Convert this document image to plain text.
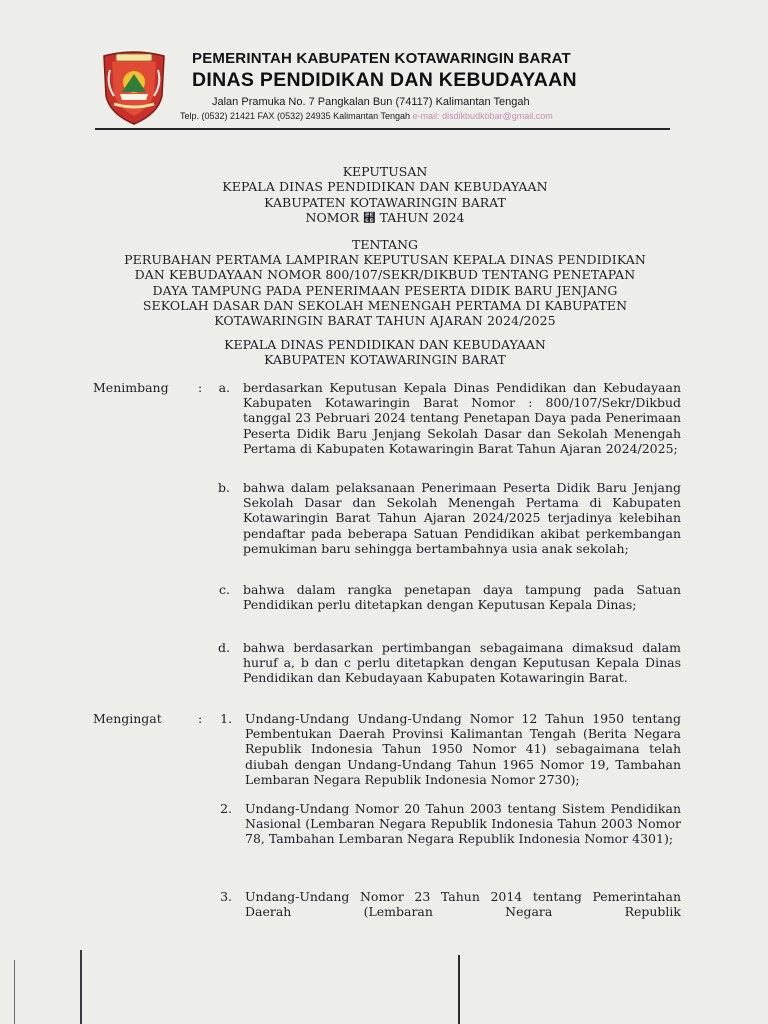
PEMERINTAH KABUPATEN KOTAWARINGIN BARAT
DINAS PENDIDIKAN DAN KEBUDAYAAN
Jalan Pramuka No. 7 Pangkalan Bun (74117) Kalimantan Tengah
Telp. (0532) 21421 FAX (0532) 24935 Kalimantan Tengah e-mail: disdikbudkobar@gmail.com
KEPUTUSAN
KEPALA DINAS PENDIDIKAN DAN KEBUDAYAAN
KABUPATEN KOTAWARINGIN BARAT
NOMOR ⹫ TAHUN 2024
TENTANG
PERUBAHAN PERTAMA LAMPIRAN KEPUTUSAN KEPALA DINAS PENDIDIKAN
DAN KEBUDAYAAN NOMOR 800/107/SEKR/DIKBUD TENTANG PENETAPAN
DAYA TAMPUNG PADA PENERIMAAN PESERTA DIDIK BARU JENJANG
SEKOLAH DASAR DAN SEKOLAH MENENGAH PERTAMA DI KABUPATEN
KOTAWARINGIN BARAT TAHUN AJARAN 2024/2025
KEPALA DINAS PENDIDIKAN DAN KEBUDAYAAN
KABUPATEN KOTAWARINGIN BARAT
Menimbang :	a. berdasarkan Keputusan Kepala Dinas Pendidikan dan Kebudayaan Kabupaten Kotawaringin Barat Nomor : 800/107/Sekr/Dikbud tanggal 23 Pebruari 2024 tentang Penetapan Daya pada Penerimaan Peserta Didik Baru Jenjang Sekolah Dasar dan Sekolah Menengah Pertama di Kabupaten Kotawaringin Barat Tahun Ajaran 2024/2025;
b. bahwa dalam pelaksanaan Penerimaan Peserta Didik Baru Jenjang Sekolah Dasar dan Sekolah Menengah Pertama di Kabupaten Kotawaringin Barat Tahun Ajaran 2024/2025 terjadinya kelebihan pendaftar pada beberapa Satuan Pendidikan akibat perkembangan pemukiman baru sehingga bertambahnya usia anak sekolah;
c. bahwa dalam rangka penetapan daya tampung pada Satuan Pendidikan perlu ditetapkan dengan Keputusan Kepala Dinas;
d. bahwa berdasarkan pertimbangan sebagaimana dimaksud dalam huruf a, b dan c perlu ditetapkan dengan Keputusan Kepala Dinas Pendidikan dan Kebudayaan Kabupaten Kotawaringin Barat.
Mengingat	:	1. Undang-Undang Undang-Undang Nomor 12 Tahun 1950 tentang Pembentukan Daerah Provinsi Kalimantan Tengah (Berita Negara Republik Indonesia Tahun 1950 Nomor 41) sebagaimana telah diubah dengan Undang-Undang Tahun 1965 Nomor 19, Tambahan Lembaran Negara Republik Indonesia Nomor 2730);
2. Undang-Undang Nomor 20 Tahun 2003 tentang Sistem Pendidikan Nasional (Lembaran Negara Republik Indonesia Tahun 2003 Nomor 78, Tambahan Lembaran Negara Republik Indonesia Nomor 4301);
3. Undang-Undang Nomor 23 Tahun 2014 tentang Pemerintahan Daerah (Lembaran Negara Republik
